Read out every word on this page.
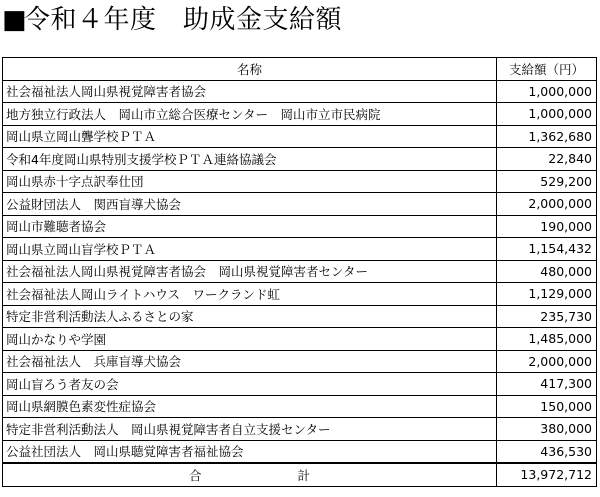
■令和４年度　助成金支給額
名称	支給額（円）
社会福祉法人岡山県視覚障害者協会	1,000,000
地方独立行政法人　岡山市立総合医療センター　岡山市立市民病院	1,000,000
岡山県立岡山聾学校ＰＴＡ	1,362,680
令和4年度岡山県特別支援学校ＰＴＡ連絡協議会	22,840
岡山県赤十字点訳奉仕団	529,200
公益財団法人　関西盲導犬協会	2,000,000
岡山市難聴者協会	190,000
岡山県立岡山盲学校ＰＴＡ	1,154,432
社会福祉法人岡山県視覚障害者協会　岡山県視覚障害者センター	480,000
社会福祉法人岡山ライトハウス　ワークランド虹	1,129,000
特定非営利活動法人ふるさとの家	235,730
岡山かなりや学園	1,485,000
社会福祉法人　兵庫盲導犬協会	2,000,000
岡山盲ろう者友の会	417,300
岡山県網膜色素変性症協会	150,000
特定非営利活動法人　岡山県視覚障害者自立支援センター	380,000
公益社団法人　岡山県聴覚障害者福祉協会	436,530
合 計	13,972,712
